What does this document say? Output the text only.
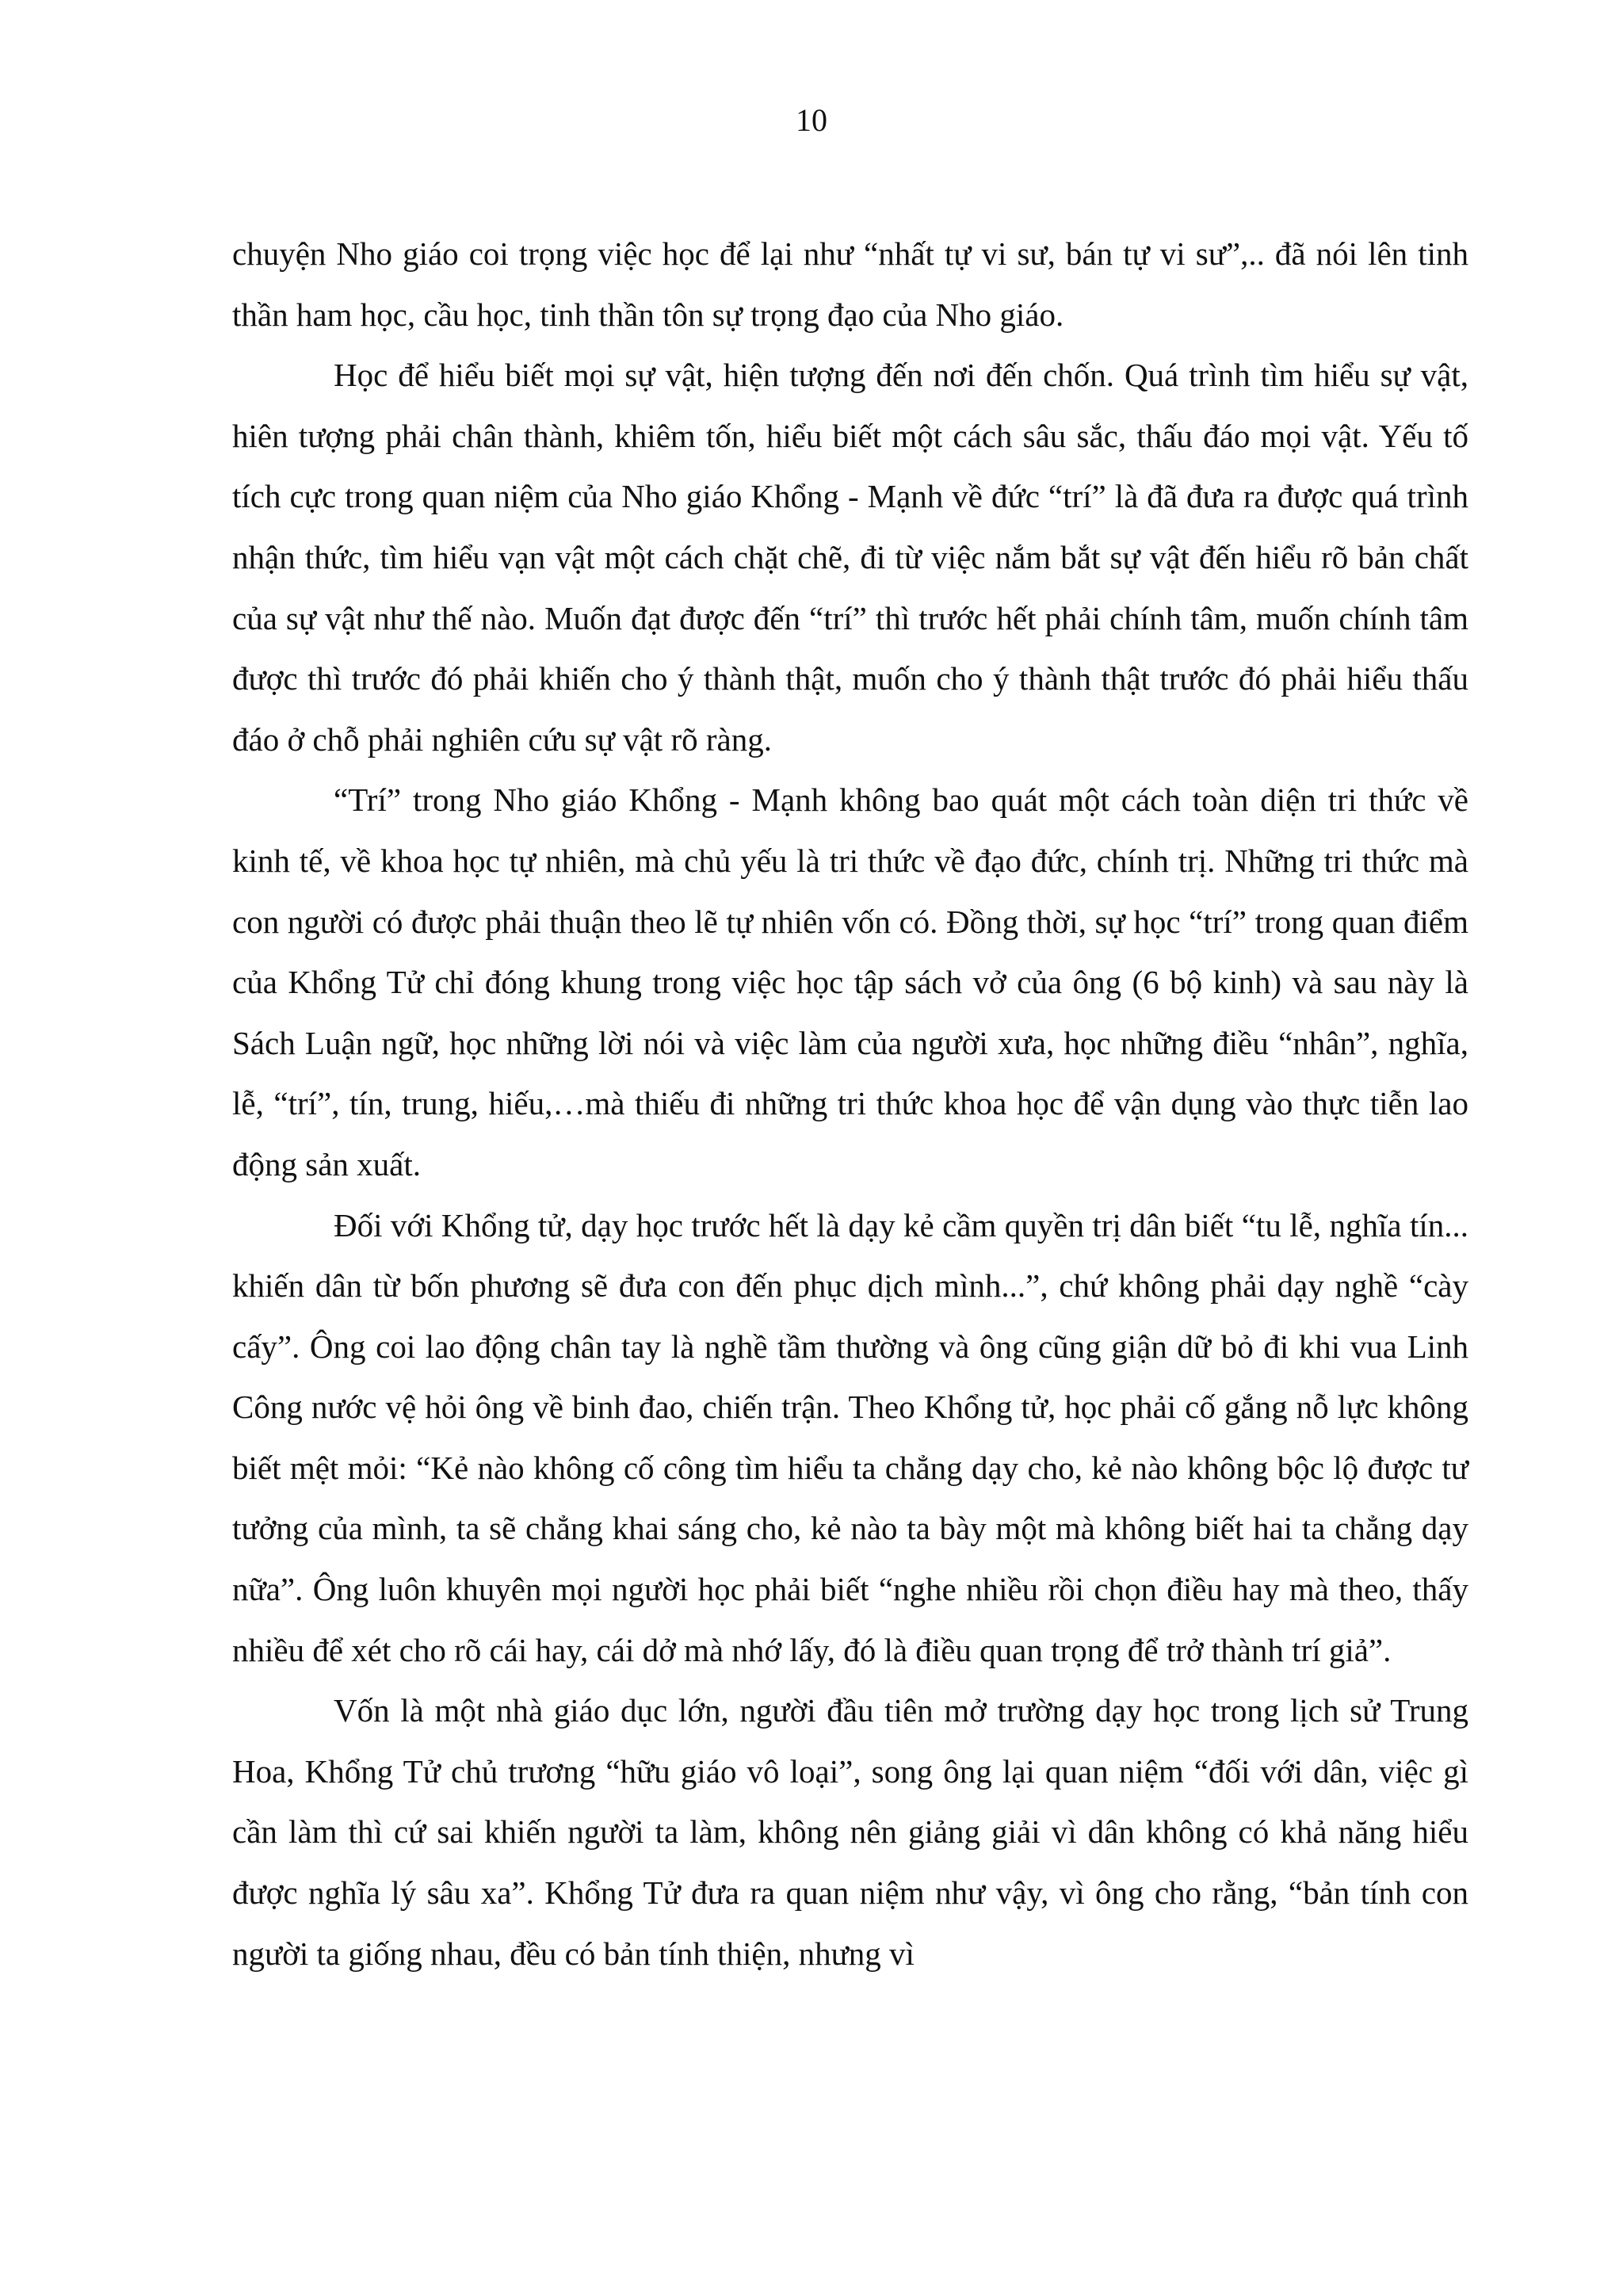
10

chuyện Nho giáo coi trọng việc học để lại như “nhất tự vi sư, bán tự vi sư”,.. đã nói lên tinh thần ham học, cầu học, tinh thần tôn sự trọng đạo của Nho giáo.

Học để hiểu biết mọi sự vật, hiện tượng đến nơi đến chốn. Quá trình tìm hiểu sự vật, hiên tượng phải chân thành, khiêm tốn, hiểu biết một cách sâu sắc, thấu đáo mọi vật. Yếu tố tích cực trong quan niệm của Nho giáo Khổng - Mạnh về đức “trí” là đã đưa ra được quá trình nhận thức, tìm hiểu vạn vật một cách chặt chẽ, đi từ việc nắm bắt sự vật đến hiểu rõ bản chất của sự vật như thế nào. Muốn đạt được đến “trí” thì trước hết phải chính tâm, muốn chính tâm được thì trước đó phải khiến cho ý thành thật, muốn cho ý thành thật trước đó phải hiểu thấu đáo ở chỗ phải nghiên cứu sự vật rõ ràng.

“Trí” trong Nho giáo Khổng - Mạnh không bao quát một cách toàn diện tri thức về kinh tế, về khoa học tự nhiên, mà chủ yếu là tri thức về đạo đức, chính trị. Những tri thức mà con người có được phải thuận theo lẽ tự nhiên vốn có. Đồng thời, sự học “trí” trong quan điểm của Khổng Tử chỉ đóng khung trong việc học tập sách vở của ông (6 bộ kinh) và sau này là Sách Luận ngữ, học những lời nói và việc làm của người xưa, học những điều “nhân”, nghĩa, lễ, “trí”, tín, trung, hiếu,…mà thiếu đi những tri thức khoa học để vận dụng vào thực tiễn lao động sản xuất.

Đối với Khổng tử, dạy học trước hết là dạy kẻ cầm quyền trị dân biết “tu lễ, nghĩa tín... khiến dân từ bốn phương sẽ đưa con đến phục dịch mình...”, chứ không phải dạy nghề “cày cấy”. Ông coi lao động chân tay là nghề tầm thường và ông cũng giận dữ bỏ đi khi vua Linh Công nước vệ hỏi ông về binh đao, chiến trận. Theo Khổng tử, học phải cố gắng nỗ lực không biết mệt mỏi: “Kẻ nào không cố công tìm hiểu ta chẳng dạy cho, kẻ nào không bộc lộ được tư tưởng của mình, ta sẽ chẳng khai sáng cho, kẻ nào ta bày một mà không biết hai ta chẳng dạy nữa”. Ông luôn khuyên mọi người học phải biết “nghe nhiều rồi chọn điều hay mà theo, thấy nhiều để xét cho rõ cái hay, cái dở mà nhớ lấy, đó là điều quan trọng để trở thành trí giả”.

Vốn là một nhà giáo dục lớn, người đầu tiên mở trường dạy học trong lịch sử Trung Hoa, Khổng Tử chủ trương “hữu giáo vô loại”, song ông lại quan niệm “đối với dân, việc gì cần làm thì cứ sai khiến người ta làm, không nên giảng giải vì dân không có khả năng hiểu được nghĩa lý sâu xa”. Khổng Tử đưa ra quan niệm như vậy, vì ông cho rằng, “bản tính con người ta giống nhau, đều có bản tính thiện, nhưng vì
